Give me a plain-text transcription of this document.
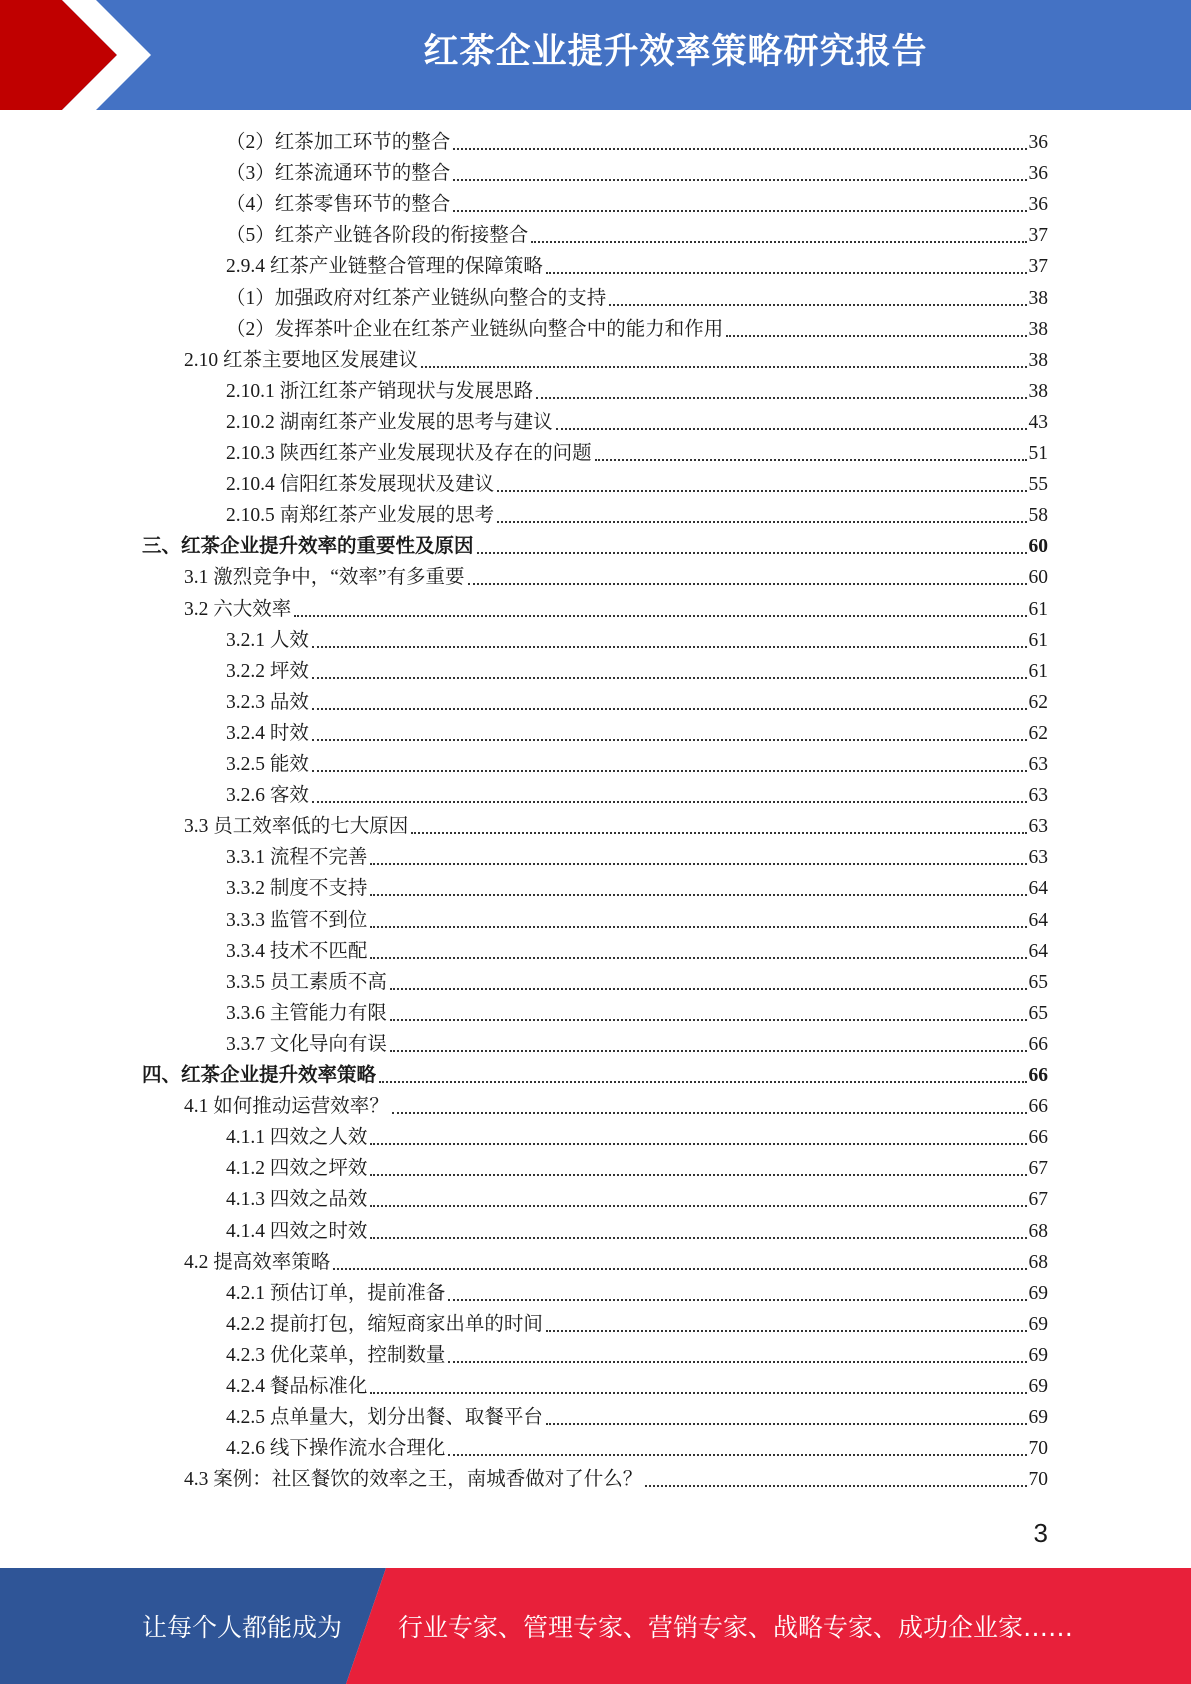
红茶企业提升效率策略研究报告
（2）红茶加工环节的整合	36
（3）红茶流通环节的整合	36
（4）红茶零售环节的整合	36
（5）红茶产业链各阶段的衔接整合	37
2.9.4 红茶产业链整合管理的保障策略	37
（1）加强政府对红茶产业链纵向整合的支持	38
（2）发挥茶叶企业在红茶产业链纵向整合中的能力和作用	38
2.10 红茶主要地区发展建议	38
2.10.1 浙江红茶产销现状与发展思路	38
2.10.2 湖南红茶产业发展的思考与建议	43
2.10.3 陕西红茶产业发展现状及存在的问题	51
2.10.4 信阳红茶发展现状及建议	55
2.10.5 南郑红茶产业发展的思考	58
三、红茶企业提升效率的重要性及原因	60
3.1 激烈竞争中，“效率”有多重要	60
3.2 六大效率	61
3.2.1 人效	61
3.2.2 坪效	61
3.2.3 品效	62
3.2.4 时效	62
3.2.5 能效	63
3.2.6 客效	63
3.3 员工效率低的七大原因	63
3.3.1 流程不完善	63
3.3.2 制度不支持	64
3.3.3 监管不到位	64
3.3.4 技术不匹配	64
3.3.5 员工素质不高	65
3.3.6 主管能力有限	65
3.3.7 文化导向有误	66
四、红茶企业提升效率策略	66
4.1 如何推动运营效率？	66
4.1.1 四效之人效	66
4.1.2 四效之坪效	67
4.1.3 四效之品效	67
4.1.4 四效之时效	68
4.2 提高效率策略	68
4.2.1 预估订单，提前准备	69
4.2.2 提前打包，缩短商家出单的时间	69
4.2.3 优化菜单，控制数量	69
4.2.4 餐品标准化	69
4.2.5 点单量大，划分出餐、取餐平台	69
4.2.6 线下操作流水合理化	70
4.3 案例：社区餐饮的效率之王，南城香做对了什么？	70
3
让每个人都能成为 行业专家、管理专家、营销专家、战略专家、成功企业家……
